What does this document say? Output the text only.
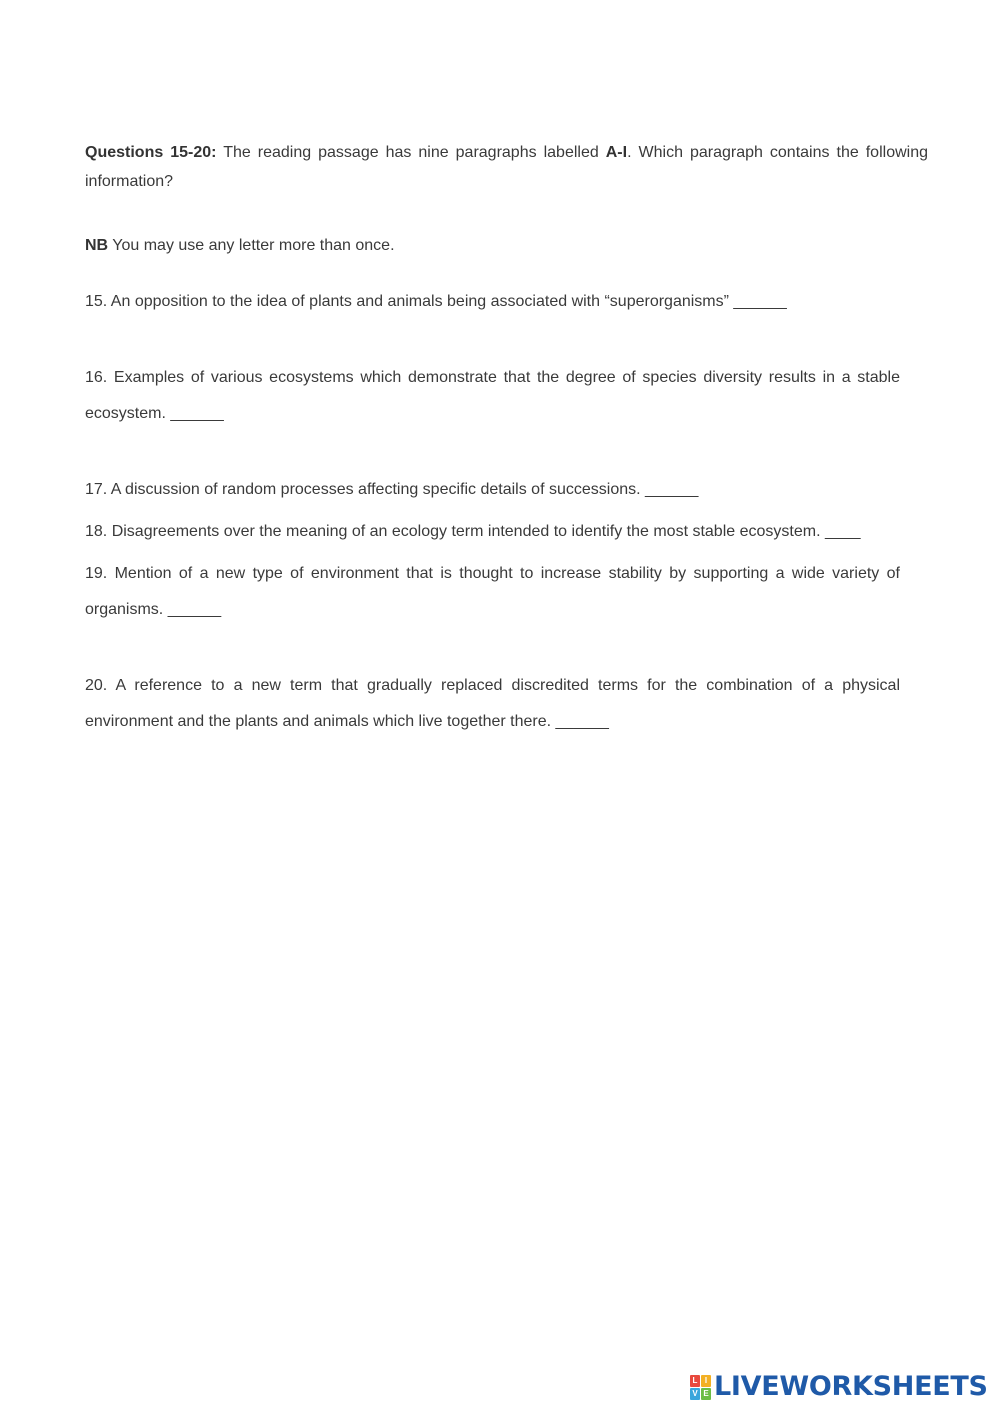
Questions 15-20: The reading passage has nine paragraphs labelled A-I. Which paragraph contains the following information?

NB You may use any letter more than once.

15. An opposition to the idea of plants and animals being associated with “superorganisms” ______

16. Examples of various ecosystems which demonstrate that the degree of species diversity results in a stable ecosystem. ______

17. A discussion of random processes affecting specific details of successions. ______

18. Disagreements over the meaning of an ecology term intended to identify the most stable ecosystem. ____

19. Mention of a new type of environment that is thought to increase stability by supporting a wide variety of organisms. ______

20. A reference to a new term that gradually replaced discredited terms for the combination of a physical environment and the plants and animals which live together there. ______

L I
V E LIVEWORKSHEETS
